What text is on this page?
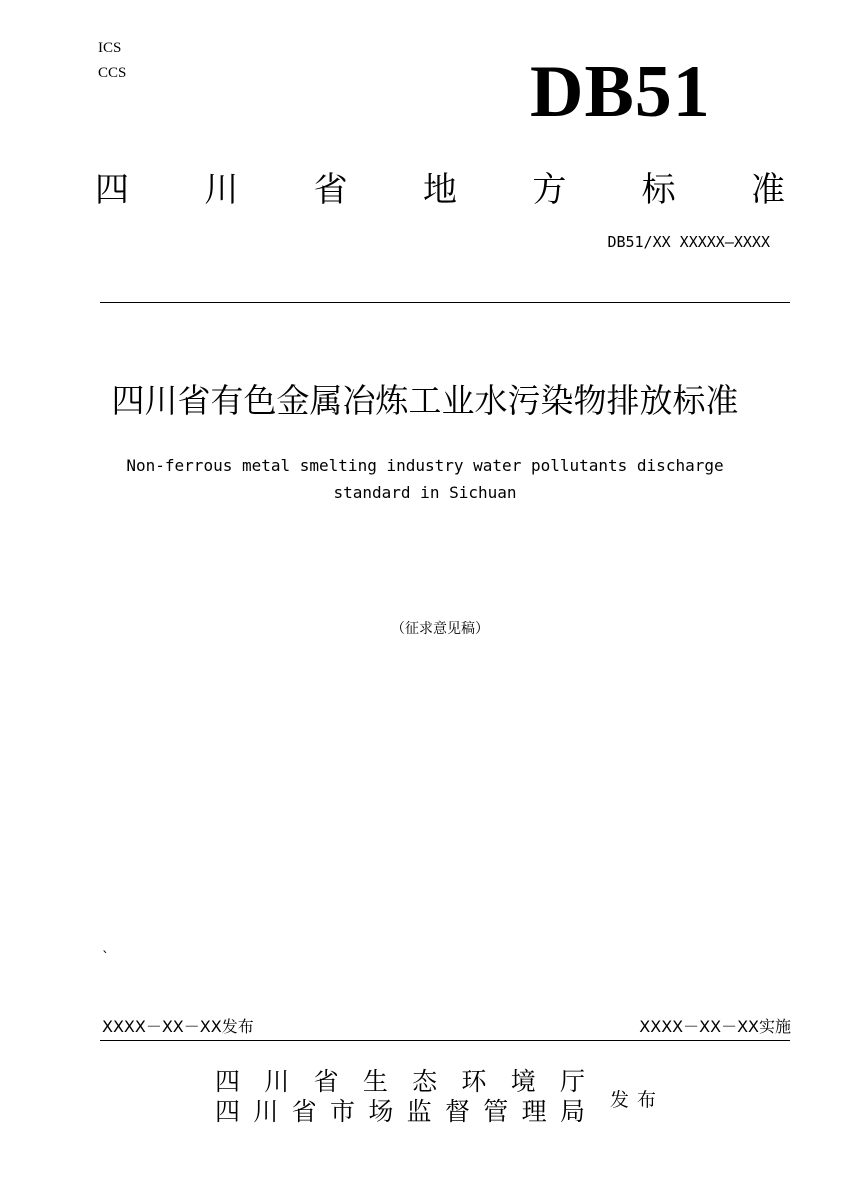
ICS
CCS	DB51
四 川 省 地 方 标 准
DB51/XX XXXXX—XXXX
四川省有色金属冶炼工业水污染物排放标准
Non-ferrous metal smelting industry water pollutants discharge standard in Sichuan
（征求意见稿）
`
XXXX－XX－XX发布	XXXX－XX－XX实施
四 川 省 生 态 环 境 厅
四 川 省 市 场 监 督 管 理 局 发布
